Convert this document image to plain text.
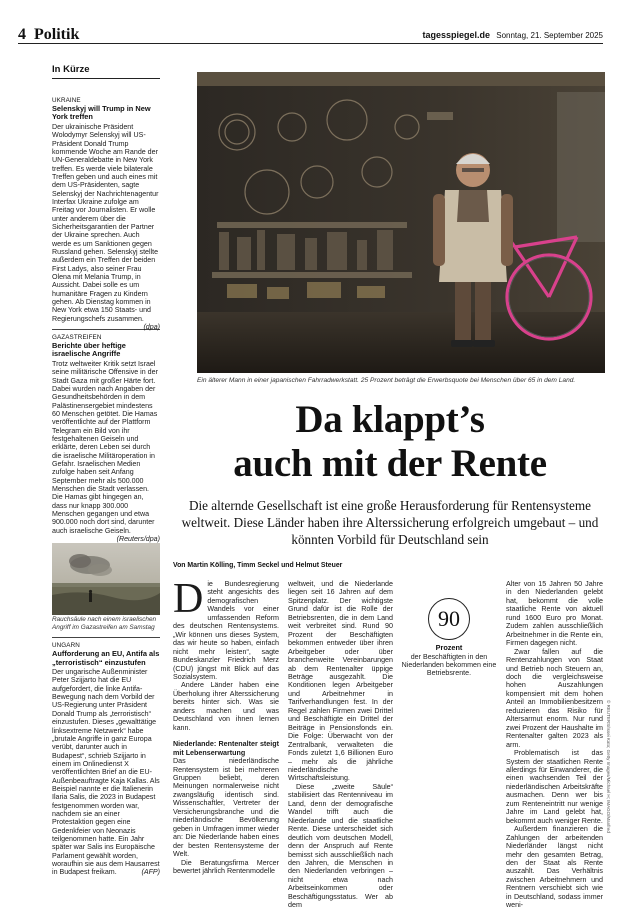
4 Politik	tagesspiegel.de Sonntag, 21. September 2025
In Kürze
UKRAINE
Selenskyj will Trump in New York treffen
Der ukrainische Präsident Wolodymyr Selenskyj will US-Präsident Donald Trump kommende Woche am Rande der UN-Generaldebatte in New York treffen. Es werde viele bilaterale Treffen geben und auch eines mit dem US-Präsidenten, sagte Selenskyj der Nachrichtenagentur Interfax Ukraine zufolge am Freitag vor Journalisten. Er wolle unter anderem über die Sicherheitsgarantien der Partner der Ukraine sprechen. Auch werde es um Sanktionen gegen Russland gehen. Selenskyj stellte außerdem ein Treffen der beiden First Ladys, also seiner Frau Olena mit Melania Trump, in Aussicht. Dabei solle es um humanitäre Fragen zu Kindern gehen. Ab Dienstag kommen in New York etwa 150 Staats- und Regierungschefs zusammen.
(dpa)
GAZASTREIFEN
Berichte über heftige israelische Angriffe
Trotz weltweiter Kritik setzt Israel seine militärische Offensive in der Stadt Gaza mit großer Härte fort. Dabei wurden nach Angaben der Gesundheitsbehörden in dem Palästinensergebiet mindestens 60 Menschen getötet. Die Hamas veröffentlichte auf der Plattform Telegram ein Bild von ihr festgehaltenen Geiseln und erklärte, deren Leben sei durch die israelische Militäroperation in Gefahr. Israelischen Medien zufolge haben seit Anfang September mehr als 500.000 Menschen die Stadt verlassen. Die Hamas gibt hingegen an, dass nur knapp 300.000 Menschen gegangen und etwa 900.000 noch dort sind, darunter auch israelische Geiseln.
(Reuters/dpa)
Rauchsäule nach einem israelischen Angriff im Gazastreifen am Samstag
UNGARN
Aufforderung an EU, Antifa als „terroristisch“ einzustufen
Der ungarische Außenminister Peter Szijjarto hat die EU aufgefordert, die linke Antifa-Bewegung nach dem Vorbild der US-Regierung unter Präsident Donald Trump als „terroristisch“ einzustufen. Dieses „gewalttätige linksextreme Netzwerk“ habe „brutale Angriffe in ganz Europa verübt, darunter auch in Budapest“, schrieb Szijjarto in einem im Onlinedienst X veröffentlichten Brief an die EU-Außenbeauftragte Kaja Kallas. Als Beispiel nannte er die Italienerin Ilaria Salis, die 2023 in Budapest festgenommen worden war, nachdem sie an einer Protestaktion gegen eine Gedenkfeier von Neonazis teilgenommen hatte. Ein Jahr später war Salis ins Europäische Parlament gewählt worden, woraufhin sie aus dem Hausarrest in Budapest freikam.	(AFP)
Ein älterer Mann in einer japanischen Fahrradwerkstatt. 25 Prozent beträgt die Erwerbsquote bei Menschen über 65 in dem Land.
© REUTERS/Issei Kato; Getty Images/Michael H; IMAGO/Manfred
Da klappt’s
auch mit der Rente
Die alternde Gesellschaft ist eine große Herausforderung für Rentensysteme weltweit. Diese Länder haben ihre Alterssicherung erfolgreich umgebaut – und könnten Vorbild für Deutschland sein
Von Martin Kölling, Timm Seckel und Helmut Steuer

Die Bundesregierung steht angesichts des demografischen Wandels vor einer umfassenden Reform des deutschen Rentensystems. „Wir können uns dieses System, das wir heute so haben, einfach nicht mehr leisten“, sagte Bundeskanzler Friedrich Merz (CDU) jüngst mit Blick auf das Sozialsystem.

Andere Länder haben eine Überholung ihrer Alterssicherung bereits hinter sich. Was sie anders machen und was Deutschland von ihnen lernen kann.

Niederlande: Rentenalter steigt mit Lebenserwartung

Das niederländische Rentensystem ist bei mehreren Gruppen beliebt, deren Meinungen normalerweise nicht zwangsläufig identisch sind. Wissenschaftler, Vertreter der Versicherungsbranche und die niederländische Bevölkerung geben in Umfragen immer wieder an: Die Niederlande haben eines der besten Rentensysteme der Welt.

Die Beratungsfirma Mercer bewertet jährlich Rentenmodelle

weltweit, und die Niederlande liegen seit 16 Jahren auf dem Spitzenplatz. Der wichtigste Grund dafür ist die Rolle der Betriebsrenten, die in dem Land weit verbreitet sind. Rund 90 Prozent der Beschäftigten bekommen entweder über ihren Arbeitgeber oder über branchenweite Vereinbarungen ab dem Rentenalter üppige Beträge ausgezahlt. Die Konditionen legen Arbeitgeber und Arbeitnehmer in Tarifverhandlungen fest. In der Regel zahlen Firmen zwei Drittel und Beschäftigte ein Drittel der Beiträge in Pensionsfonds ein. Die Folge: Überwacht von der Zentralbank, verwalteten die Fonds zuletzt 1,6 Billionen Euro – mehr als die jährliche niederländische Wirtschaftsleistung.

Diese „zweite Säule“ stabilisiert das Rentenniveau im Land, denn der demografische Wandel trifft auch die Niederlande und die staatliche Rente. Diese unterscheidet sich deutlich vom deutschen Modell, denn der Anspruch auf Rente bemisst sich ausschließlich nach den Jahren, die Menschen in den Niederlanden verbringen – nicht etwa nach Arbeitseinkommen oder Beschäftigungsstatus. Wer ab dem

90
Prozent
der Beschäftigten in den Niederlanden bekommen eine Betriebsrente.

Alter von 15 Jahren 50 Jahre in den Niederlanden gelebt hat, bekommt die volle staatliche Rente von aktuell rund 1600 Euro pro Monat. Zudem zahlen ausschließlich Arbeitnehmer in die Rente ein, Firmen dagegen nicht.

Zwar fallen auf die Rentenzahlungen von Staat und Betrieb noch Steuern an, doch die vergleichsweise hohen Auszahlungen kompensiert mit dem hohen Anteil an Immobilienbesitzern reduzieren das Risiko für Altersarmut enorm. Nur rund zwei Prozent der Haushalte im Rentenalter galten 2023 als arm.

Problematisch ist das System der staatlichen Rente allerdings für Einwanderer, die einen wachsenden Teil der niederländischen Arbeitskräfte ausmachen. Denn wer bis zum Renteneintritt nur wenige Jahre im Land gelebt hat, bekommt auch weniger Rente.

Außerdem finanzieren die Zahlungen der arbeitenden Niederländer längst nicht mehr den gesamten Betrag, den der Staat als Rente auszahlt. Das Verhältnis zwischen Arbeitnehmern und Rentnern verschiebt sich wie in Deutschland, sodass immer weni-
